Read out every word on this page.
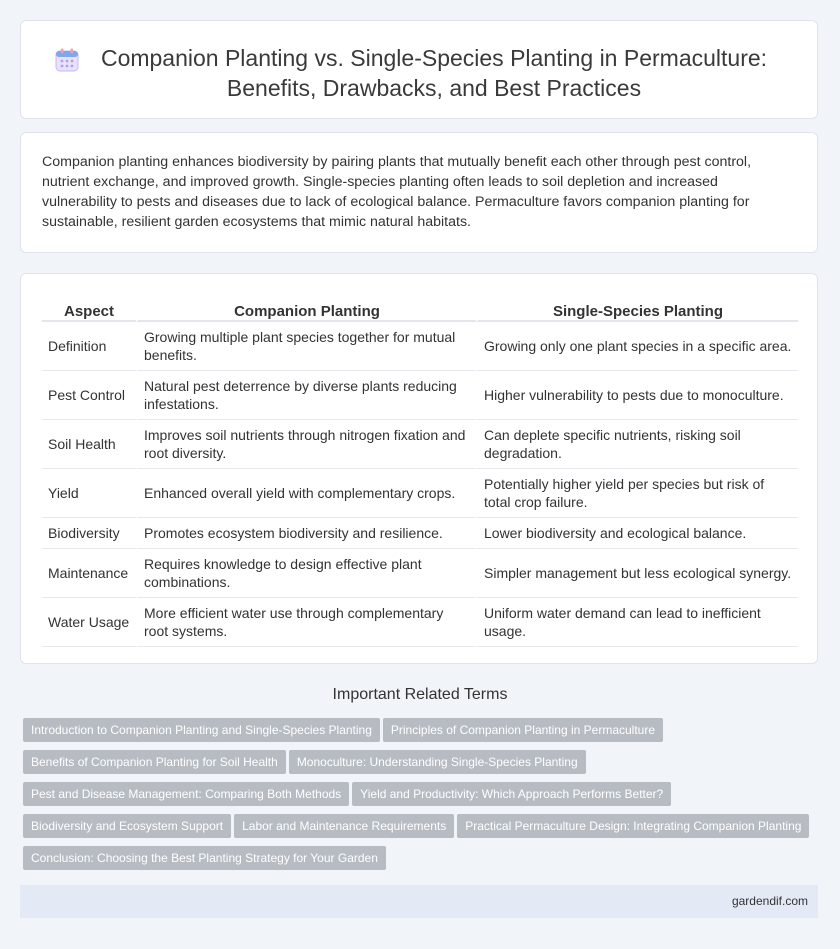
Companion Planting vs. Single-Species Planting in Permaculture: Benefits, Drawbacks, and Best Practices

Companion planting enhances biodiversity by pairing plants that mutually benefit each other through pest control, nutrient exchange, and improved growth. Single-species planting often leads to soil depletion and increased vulnerability to pests and diseases due to lack of ecological balance. Permaculture favors companion planting for sustainable, resilient garden ecosystems that mimic natural habitats.

Aspect	Companion Planting	Single-Species Planting
Definition	Growing multiple plant species together for mutual benefits.	Growing only one plant species in a specific area.
Pest Control	Natural pest deterrence by diverse plants reducing infestations.	Higher vulnerability to pests due to monoculture.
Soil Health	Improves soil nutrients through nitrogen fixation and root diversity.	Can deplete specific nutrients, risking soil degradation.
Yield	Enhanced overall yield with complementary crops.	Potentially higher yield per species but risk of total crop failure.
Biodiversity	Promotes ecosystem biodiversity and resilience.	Lower biodiversity and ecological balance.
Maintenance	Requires knowledge to design effective plant combinations.	Simpler management but less ecological synergy.
Water Usage	More efficient water use through complementary root systems.	Uniform water demand can lead to inefficient usage.
Important Related Terms
Introduction to Companion Planting and Single-Species Planting Principles of Companion Planting in Permaculture
Benefits of Companion Planting for Soil Health Monoculture: Understanding Single-Species Planting
Pest and Disease Management: Comparing Both Methods Yield and Productivity: Which Approach Performs Better?
Biodiversity and Ecosystem Support Labor and Maintenance Requirements Practical Permaculture Design: Integrating Companion Planting
Conclusion: Choosing the Best Planting Strategy for Your Garden
gardendif.com
